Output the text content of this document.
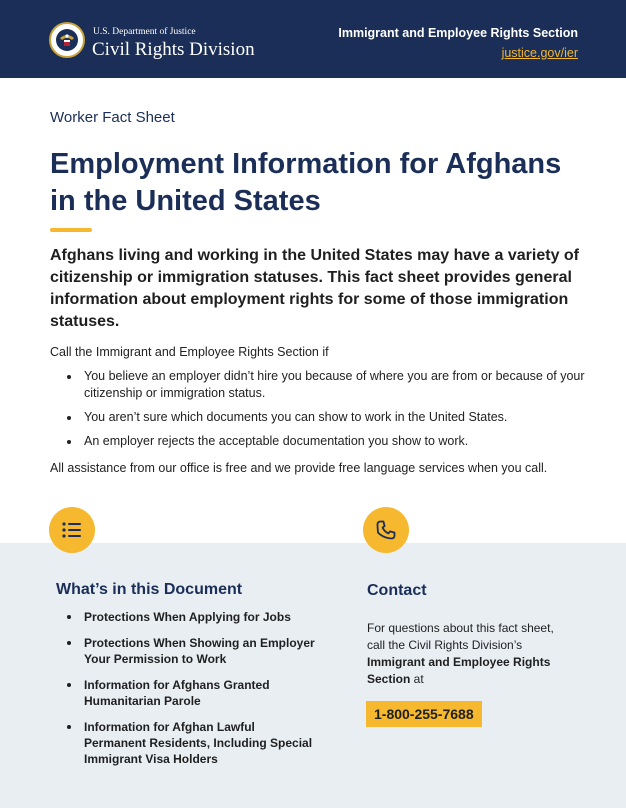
U.S. Department of Justice
Civil Rights Division
Immigrant and Employee Rights Section
justice.gov/ier
Worker Fact Sheet
Employment Information for Afghans in the United States
Afghans living and working in the United States may have a variety of citizenship or immigration statuses. This fact sheet provides general information about employment rights for some of those immigration statuses.
Call the Immigrant and Employee Rights Section if
You believe an employer didn’t hire you because of where you are from or because of your citizenship or immigration status.
You aren’t sure which documents you can show to work in the United States.
An employer rejects the acceptable documentation you show to work.
All assistance from our office is free and we provide free language services when you call.
What’s in this Document
Protections When Applying for Jobs
Protections When Showing an Employer Your Permission to Work
Information for Afghans Granted Humanitarian Parole
Information for Afghan Lawful Permanent Residents, Including Special Immigrant Visa Holders
Contact
For questions about this fact sheet, call the Civil Rights Division’s Immigrant and Employee Rights Section at
1-800-255-7688
